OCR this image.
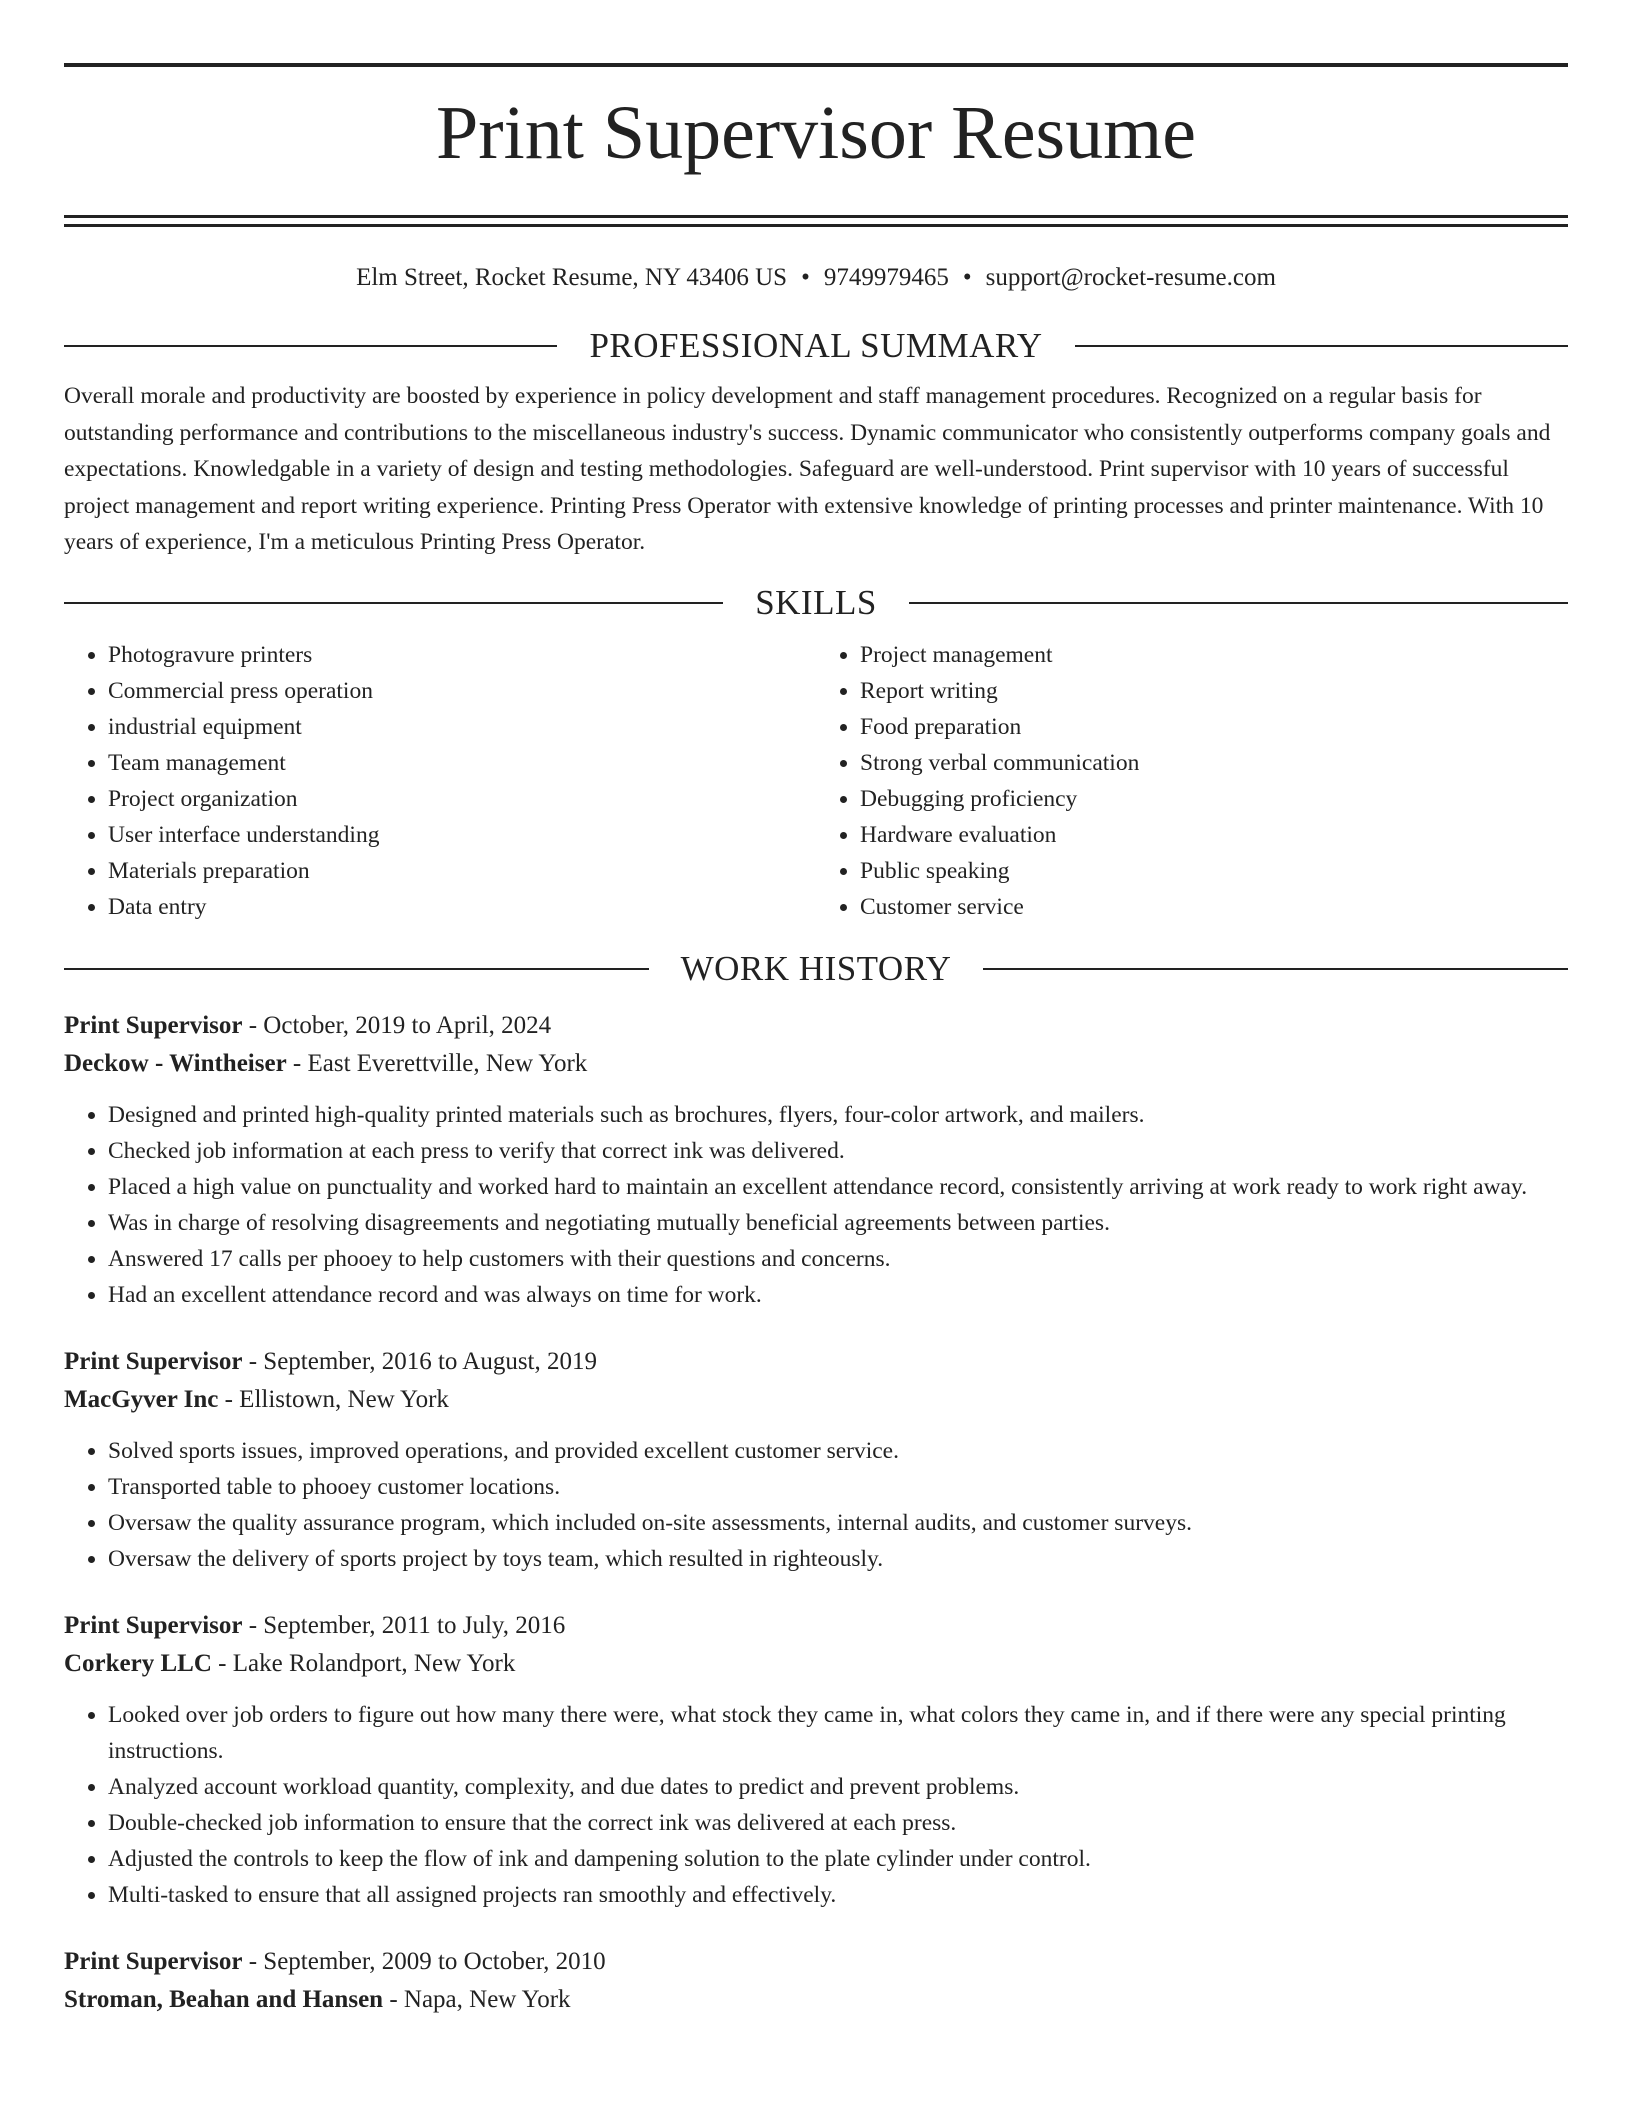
Print Supervisor Resume
Elm Street, Rocket Resume, NY 43406 US • 9749979465 • support@rocket-resume.com
PROFESSIONAL SUMMARY

Overall morale and productivity are boosted by experience in policy development and staff management procedures. Recognized on a regular basis for outstanding performance and contributions to the miscellaneous industry's success. Dynamic communicator who consistently outperforms company goals and expectations. Knowledgable in a variety of design and testing methodologies. Safeguard are well-understood. Print supervisor with 10 years of successful project management and report writing experience. Printing Press Operator with extensive knowledge of printing processes and printer maintenance. With 10 years of experience, I'm a meticulous Printing Press Operator.

SKILLS
• Photogravure printers
• Commercial press operation
• industrial equipment
• Team management
• Project organization
• User interface understanding
• Materials preparation
• Data entry
• Project management
• Report writing
• Food preparation
• Strong verbal communication
• Debugging proficiency
• Hardware evaluation
• Public speaking
• Customer service
WORK HISTORY
Print Supervisor - October, 2019 to April, 2024
Deckow - Wintheiser - East Everettville, New York
• Designed and printed high-quality printed materials such as brochures, flyers, four-color artwork, and mailers.
• Checked job information at each press to verify that correct ink was delivered.
• Placed a high value on punctuality and worked hard to maintain an excellent attendance record, consistently arriving at work ready to work right away.
• Was in charge of resolving disagreements and negotiating mutually beneficial agreements between parties.
• Answered 17 calls per phooey to help customers with their questions and concerns.
• Had an excellent attendance record and was always on time for work.
Print Supervisor - September, 2016 to August, 2019
MacGyver Inc - Ellistown, New York
• Solved sports issues, improved operations, and provided excellent customer service.
• Transported table to phooey customer locations.
• Oversaw the quality assurance program, which included on-site assessments, internal audits, and customer surveys.
• Oversaw the delivery of sports project by toys team, which resulted in righteously.
Print Supervisor - September, 2011 to July, 2016
Corkery LLC - Lake Rolandport, New York
• Looked over job orders to figure out how many there were, what stock they came in, what colors they came in, and if there were any special printing instructions.
• Analyzed account workload quantity, complexity, and due dates to predict and prevent problems.
• Double-checked job information to ensure that the correct ink was delivered at each press.
• Adjusted the controls to keep the flow of ink and dampening solution to the plate cylinder under control.
• Multi-tasked to ensure that all assigned projects ran smoothly and effectively.
Print Supervisor - September, 2009 to October, 2010
Stroman, Beahan and Hansen - Napa, New York
